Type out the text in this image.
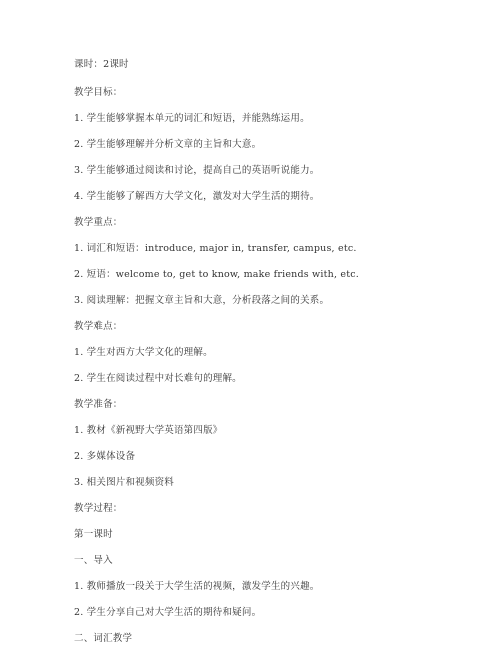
课时：2课时
教学目标：
1. 学生能够掌握本单元的词汇和短语，并能熟练运用。
2. 学生能够理解并分析文章的主旨和大意。
3. 学生能够通过阅读和讨论，提高自己的英语听说能力。
4. 学生能够了解西方大学文化，激发对大学生活的期待。
教学重点：
1. 词汇和短语：introduce, major in, transfer, campus, etc.
2. 短语：welcome to, get to know, make friends with, etc.
3. 阅读理解：把握文章主旨和大意，分析段落之间的关系。
教学难点：
1. 学生对西方大学文化的理解。
2. 学生在阅读过程中对长难句的理解。
教学准备：
1. 教材《新视野大学英语第四版》
2. 多媒体设备
3. 相关图片和视频资料
教学过程：
第一课时
一、导入
1. 教师播放一段关于大学生活的视频，激发学生的兴趣。
2. 学生分享自己对大学生活的期待和疑问。
二、词汇教学
